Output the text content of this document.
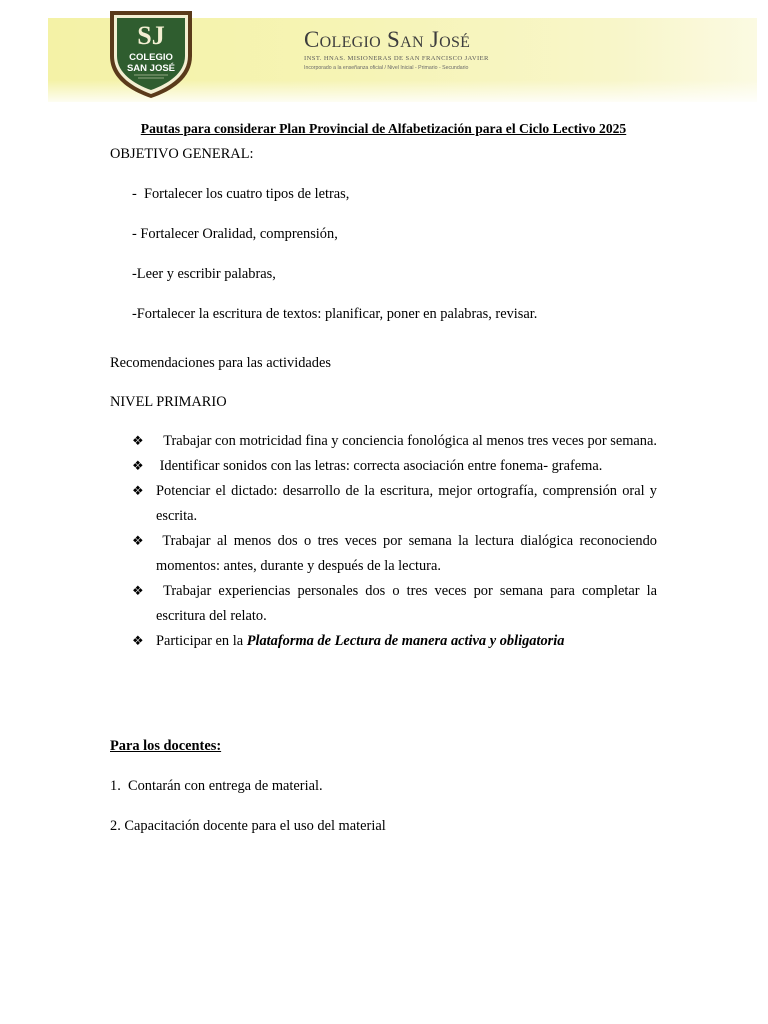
SJ
COLEGIO
SAN JOSÉ
Colegio San José
INST. HNAS. MISIONERAS DE SAN FRANCISCO JAVIER
Incorporado a la enseñanza oficial / Nivel Inicial - Primario - Secundario

Pautas para considerar Plan Provincial de Alfabetización para el Ciclo Lectivo 2025

OBJETIVO GENERAL:

-  Fortalecer los cuatro tipos de letras,

- Fortalecer Oralidad, comprensión,

-Leer y escribir palabras,

-Fortalecer la escritura de textos: planificar, poner en palabras, revisar.

Recomendaciones para las actividades

NIVEL PRIMARIO

❖ Trabajar con motricidad fina y conciencia fonológica al menos tres veces por semana.
❖ Identificar sonidos con las letras: correcta asociación entre fonema- grafema.
❖ Potenciar el dictado: desarrollo de la escritura, mejor ortografía, comprensión oral y escrita.
❖ Trabajar al menos dos o tres veces por semana la lectura dialógica reconociendo momentos: antes, durante y después de la lectura.
❖ Trabajar experiencias personales dos o tres veces por semana para completar la escritura del relato.
❖ Participar en la Plataforma de Lectura de manera activa y obligatoria

Para los docentes:

1.  Contarán con entrega de material.

2. Capacitación docente para el uso del material
